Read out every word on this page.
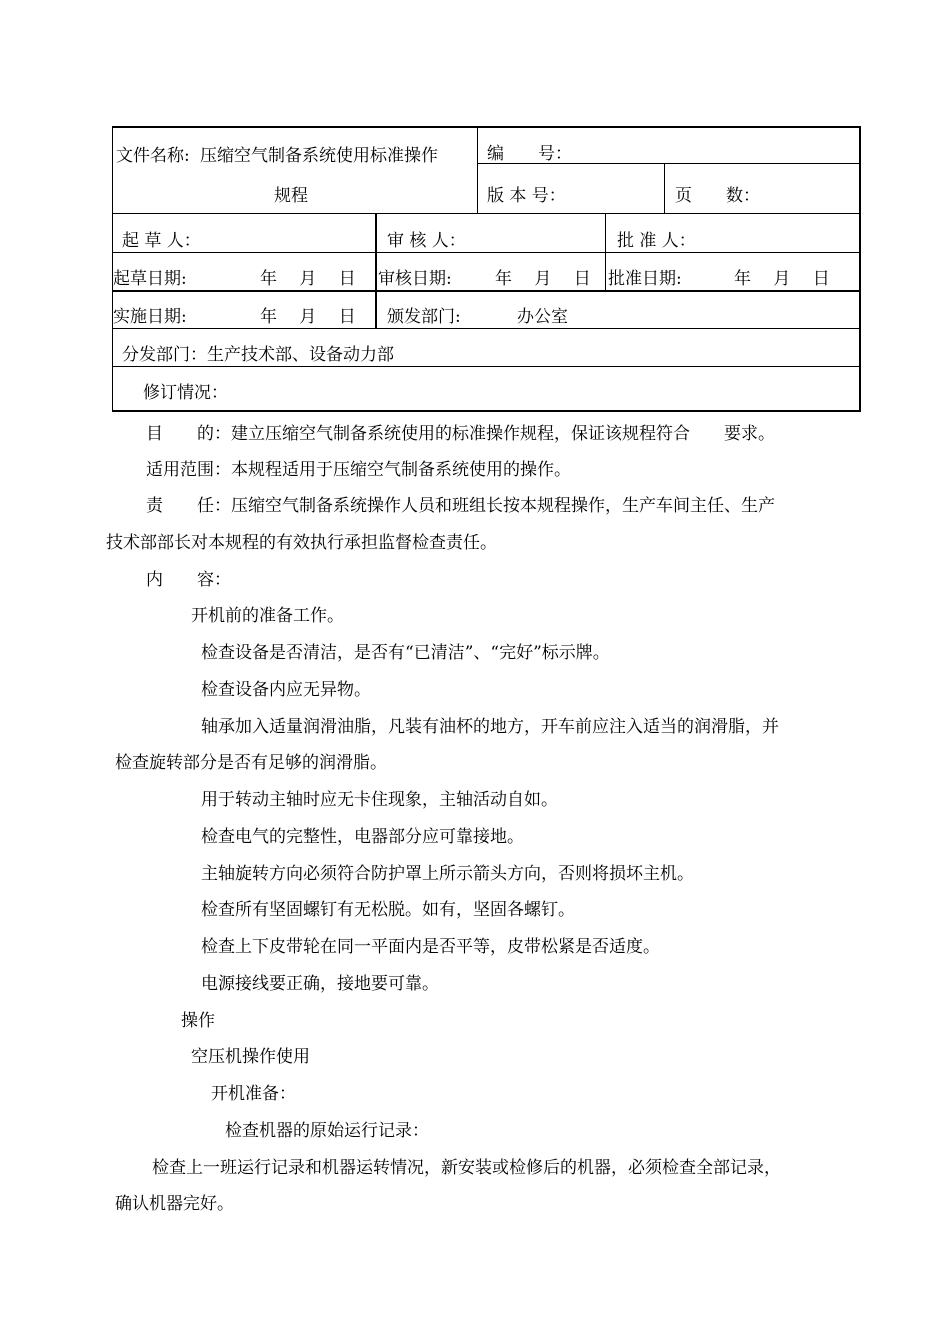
文件名称: 压缩空气制备系统使用标准操作
规程
编　　号：
版 本 号：	页　　数：
起 草 人：	审 核 人：	批 准 人：
起草日期:	年　 月　 日 审核日期:	年　 月　 日 批准日期:	年　 月　 日
实施日期:	年　 月　 日 颁发部门:	办公室
分发部门：生产技术部、设备动力部
修订情况：
目　　的：建立压缩空气制备系统使用的标准操作规程，保证该规程符合　　要求。
适用范围：本规程适用于压缩空气制备系统使用的操作。
责　　任：压缩空气制备系统操作人员和班组长按本规程操作，生产车间主任、生产
技术部部长对本规程的有效执行承担监督检查责任。
内　　容：
开机前的准备工作。
检查设备是否清洁，是否有“已清洁”、“完好”标示牌。
检查设备内应无异物。
轴承加入适量润滑油脂，凡装有油杯的地方，开车前应注入适当的润滑脂，并
检查旋转部分是否有足够的润滑脂。
用于转动主轴时应无卡住现象，主轴活动自如。
检查电气的完整性，电器部分应可靠接地。
主轴旋转方向必须符合防护罩上所示箭头方向，否则将损坏主机。
检查所有坚固螺钉有无松脱。如有，坚固各螺钉。
检查上下皮带轮在同一平面内是否平等，皮带松紧是否适度。
电源接线要正确，接地要可靠。
操作
空压机操作使用
开机准备：
检查机器的原始运行记录：
检查上一班运行记录和机器运转情况，新安装或检修后的机器，必须检查全部记录，
确认机器完好。
